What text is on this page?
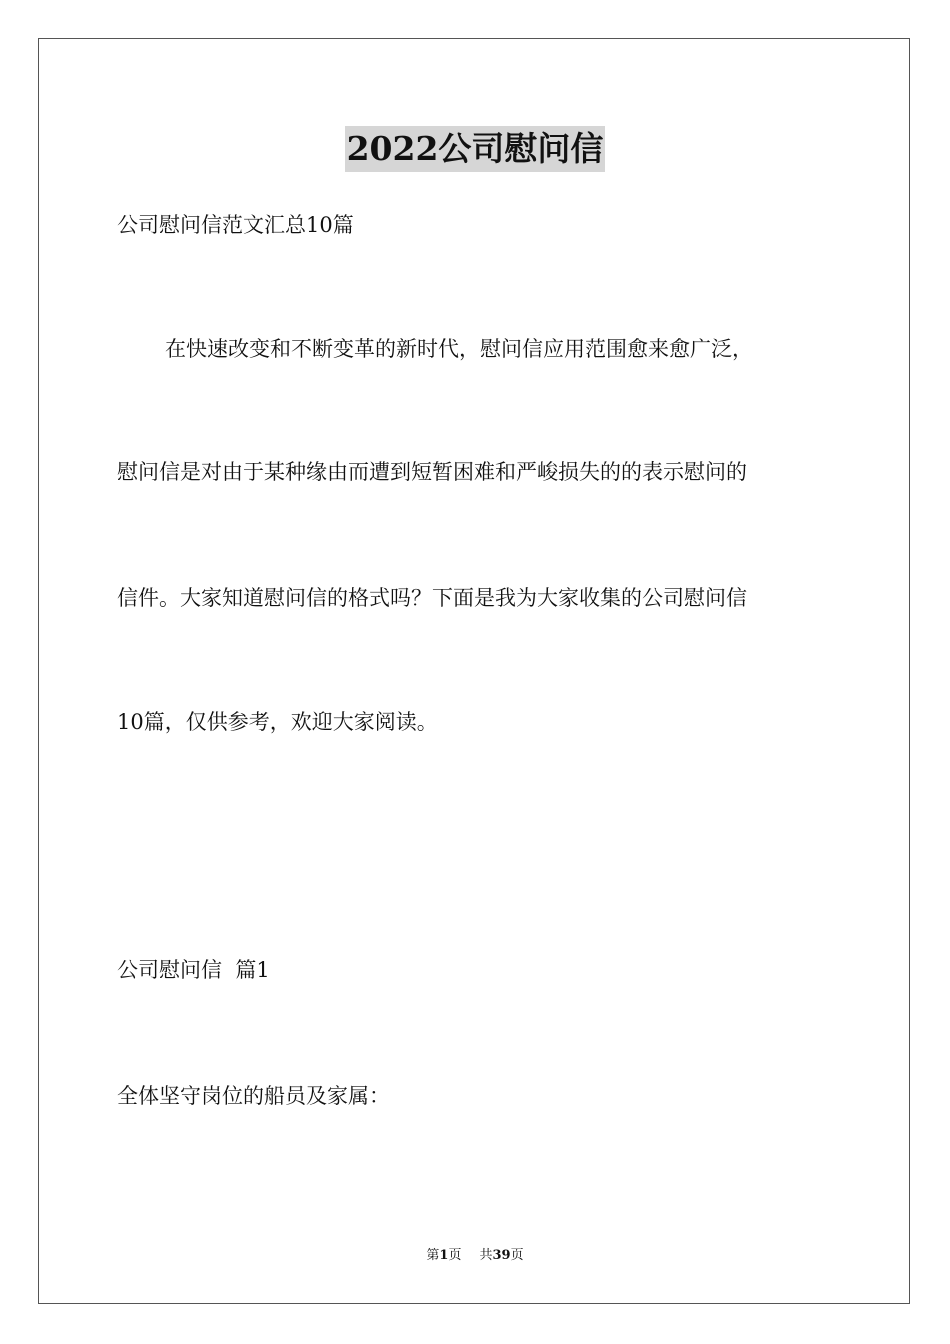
2022公司慰问信
公司慰问信范文汇总10篇
在快速改变和不断变革的新时代，慰问信应用范围愈来愈广泛，
慰问信是对由于某种缘由而遭到短暂困难和严峻损失的的表示慰问的
信件。大家知道慰问信的格式吗？下面是我为大家收集的公司慰问信
10篇，仅供参考，欢迎大家阅读。
公司慰问信  篇1
全体坚守岗位的船员及家属：
第1页 共39页
